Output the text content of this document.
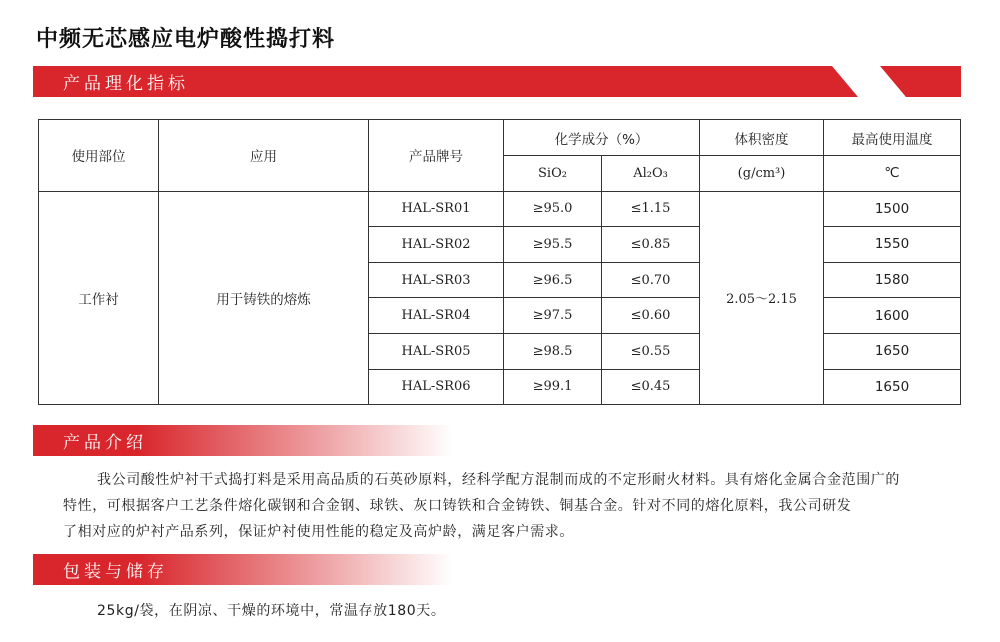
中频无芯感应电炉酸性捣打料
产品理化指标
使用部位	应用	产品牌号	化学成分（%）		体积密度	最高使用温度
			SiO₂	Al₂O₃	(g/cm³)	℃
工作衬	用于铸铁的熔炼	HAL-SR01	≥95.0	≤1.15	2.05～2.15	1500
		HAL-SR02	≥95.5	≤0.85		1550
		HAL-SR03	≥96.5	≤0.70		1580
		HAL-SR04	≥97.5	≤0.60		1600
		HAL-SR05	≥98.5	≤0.55		1650
		HAL-SR06	≥99.1	≤0.45		1650
产品介绍
我公司酸性炉衬干式捣打料是采用高品质的石英砂原料，经科学配方混制而成的不定形耐火材料。具有熔化金属合金范围广的
特性，可根据客户工艺条件熔化碳钢和合金钢、球铁、灰口铸铁和合金铸铁、铜基合金。针对不同的熔化原料，我公司研发
了相对应的炉衬产品系列，保证炉衬使用性能的稳定及高炉龄，满足客户需求。
包装与储存
25kg/袋，在阴凉、干燥的环境中，常温存放180天。
